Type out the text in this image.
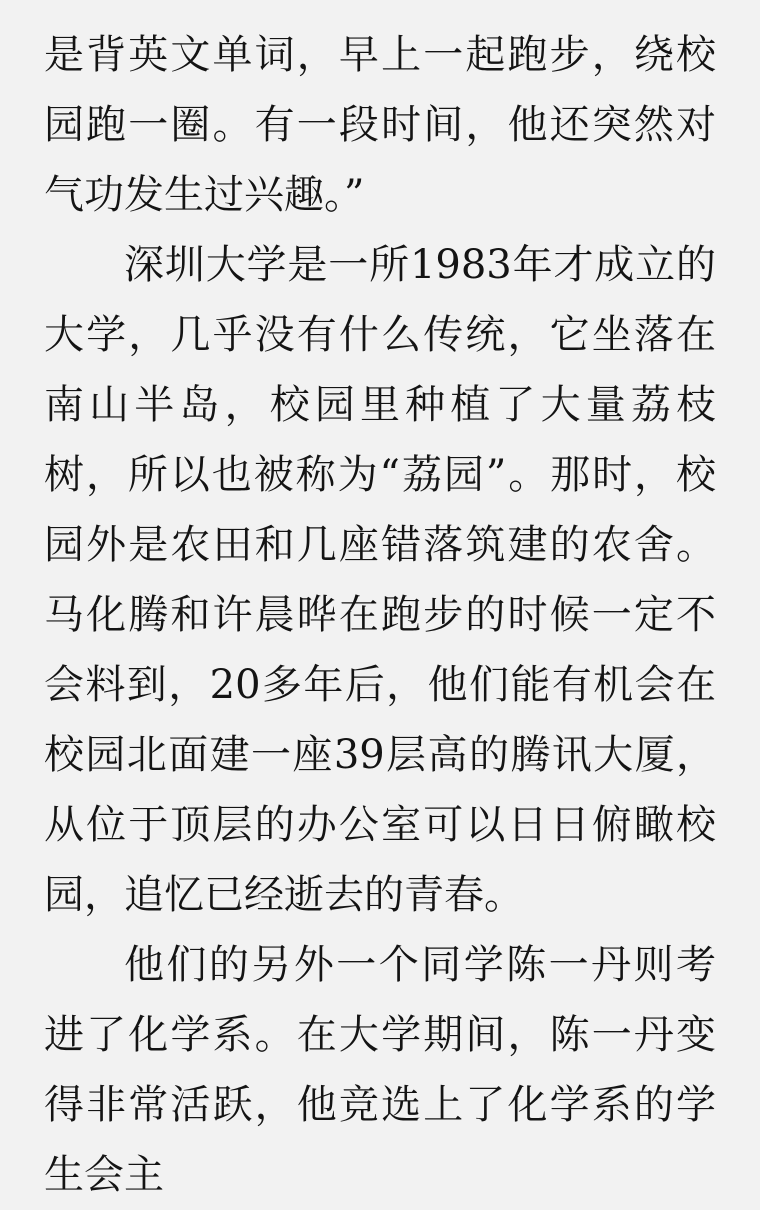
是背英文单词，早上一起跑步，绕校园跑一圈。有一段时间，他还突然对气功发生过兴趣。”

深圳大学是一所1983年才成立的大学，几乎没有什么传统，它坐落在南山半岛，校园里种植了大量荔枝树，所以也被称为“荔园”。那时，校园外是农田和几座错落筑建的农舍。马化腾和许晨晔在跑步的时候一定不会料到，20多年后，他们能有机会在校园北面建一座39层高的腾讯大厦，从位于顶层的办公室可以日日俯瞰校园，追忆已经逝去的青春。

他们的另外一个同学陈一丹则考进了化学系。在大学期间，陈一丹变得非常活跃，他竞选上了化学系的学生会主
